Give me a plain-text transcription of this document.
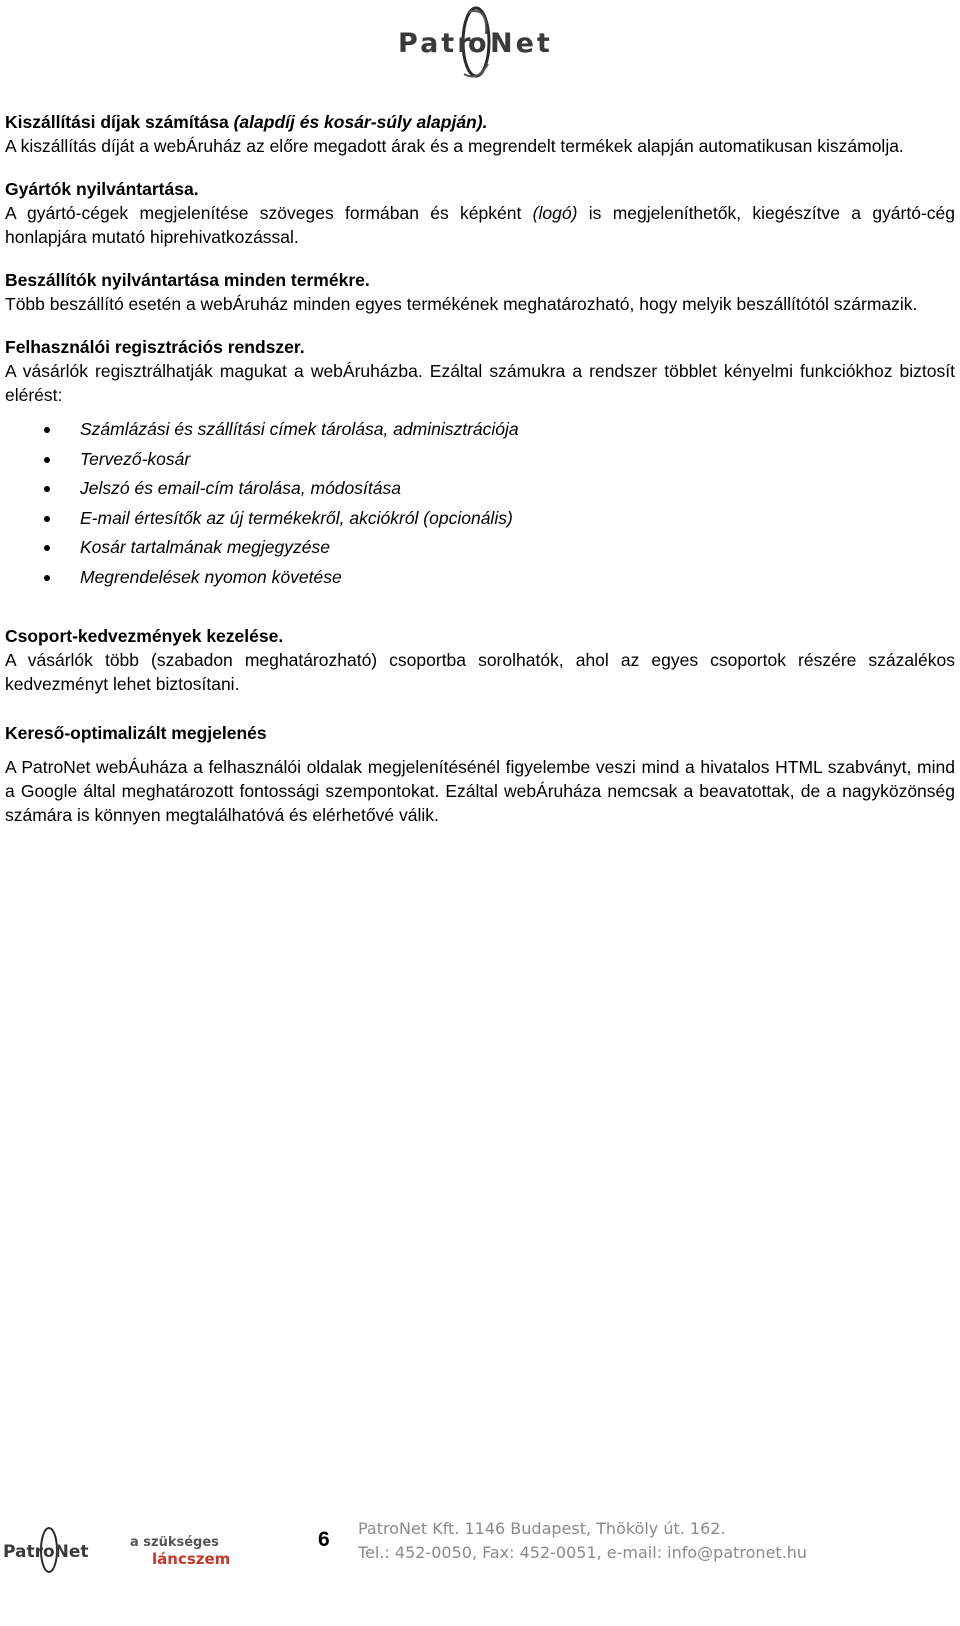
Patr
o Net

Kiszállítási díjak számítása (alapdíj és kosár-súly alapján).

A kiszállítás díját a webÁruház az előre megadott árak és a megrendelt termékek alapján automatikusan kiszámolja.

Gyártók nyilvántartása.

A gyártó-cégek megjelenítése szöveges formában és képként (logó) is megjeleníthetők, kiegészítve a gyártó-cég honlapjára mutató hiprehivatkozással.

Beszállítók nyilvántartása minden termékre.

Több beszállító esetén a webÁruház minden egyes termékének meghatározható, hogy melyik beszállítótól származik.

Felhasználói regisztrációs rendszer.

A vásárlók regisztrálhatják magukat a webÁruházba. Ezáltal számukra a rendszer többlet kényelmi funkciókhoz biztosít elérést:

Számlázási és szállítási címek tárolása, adminisztrációja
Tervező-kosár
Jelszó és email-cím tárolása, módosítása
E-mail értesítők az új termékekről, akciókról (opcionális)
Kosár tartalmának megjegyzése
Megrendelések nyomon követése

Csoport-kedvezmények kezelése.

A vásárlók több (szabadon meghatározható) csoportba sorolhatók, ahol az egyes csoportok részére százalékos kedvezményt lehet biztosítani.

Kereső-optimalizált megjelenés

A PatroNet webÁuháza a felhasználói oldalak megjelenítésénél figyelembe veszi mind a hivatalos HTML szabványt, mind a Google által meghatározott fontossági szempontokat. Ezáltal webÁruháza nemcsak a beavatottak, de a nagyközönség számára is könnyen megtalálhatóvá és elérhetővé válik.

PatroNet	a szükséges
láncszem
6 PatroNet Kft. 1146 Budapest, Thököly út. 162.
Tel.: 452-0050, Fax: 452-0051, e-mail: info@patronet.hu
